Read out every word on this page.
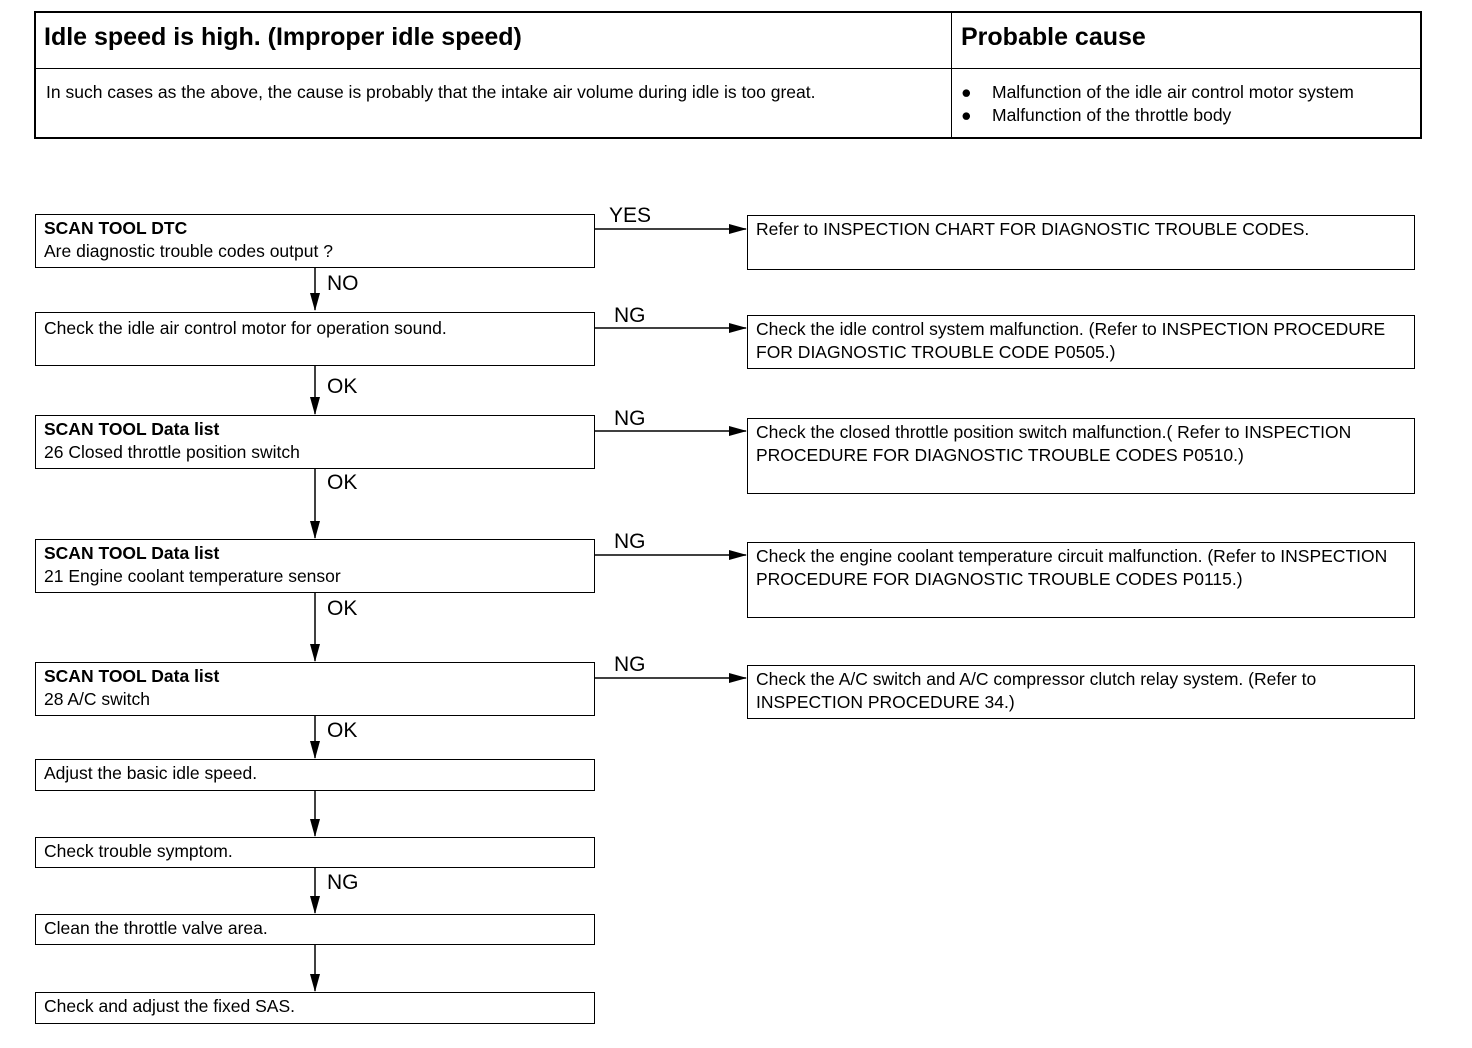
Idle speed is high. (Improper idle speed)	Probable cause
In such cases as the above, the cause is probably that the intake air volume during idle is too great.	● Malfunction of the idle air control motor system
● Malfunction of the throttle body
SCAN TOOL DTC
Are diagnostic trouble codes output ?
Check the idle air control motor for operation sound.
SCAN TOOL Data list
26 Closed throttle position switch
SCAN TOOL Data list
21 Engine coolant temperature sensor
SCAN TOOL Data list
28 A/C switch
Adjust the basic idle speed.
Check trouble symptom.
Clean the throttle valve area.
Check and adjust the fixed SAS.
Refer to INSPECTION CHART FOR DIAGNOSTIC TROUBLE CODES.
Check the idle control system malfunction. (Refer to INSPECTION PROCEDURE FOR DIAGNOSTIC TROUBLE CODE P0505.)
Check the closed throttle position switch malfunction.( Refer to INSPECTION PROCEDURE FOR DIAGNOSTIC TROUBLE CODES P0510.)
Check the engine coolant temperature circuit malfunction. (Refer to INSPECTION PROCEDURE FOR DIAGNOSTIC TROUBLE CODES P0115.)
Check the A/C switch and A/C compressor clutch relay system. (Refer to INSPECTION PROCEDURE 34.)
NO
OK
OK
OK
OK
NG
YES
NG
NG
NG
NG
